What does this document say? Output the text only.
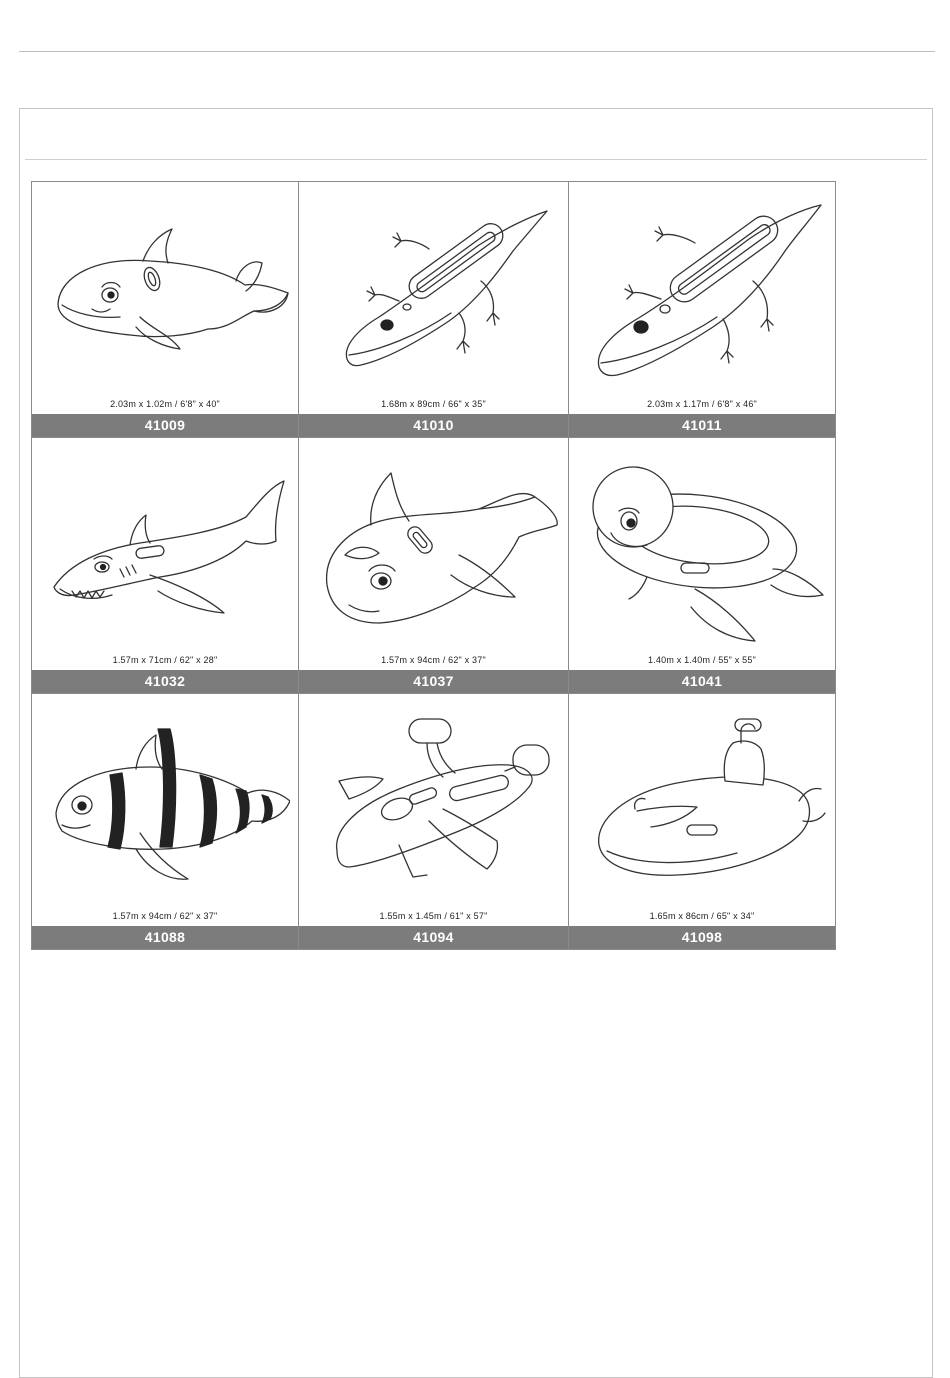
2.03m x 1.02m / 6'8" x 40"
41009
1.68m x 89cm / 66" x 35"
41010
2.03m x 1.17m / 6'8" x 46"
41011
1.57m x 71cm / 62" x 28"
41032
1.57m x 94cm / 62" x 37"
41037
1.40m x 1.40m / 55" x 55"
41041
1.57m x 94cm / 62" x 37"
41088
1.55m x 1.45m / 61" x 57"
41094
1.65m x 86cm / 65" x 34"
41098
